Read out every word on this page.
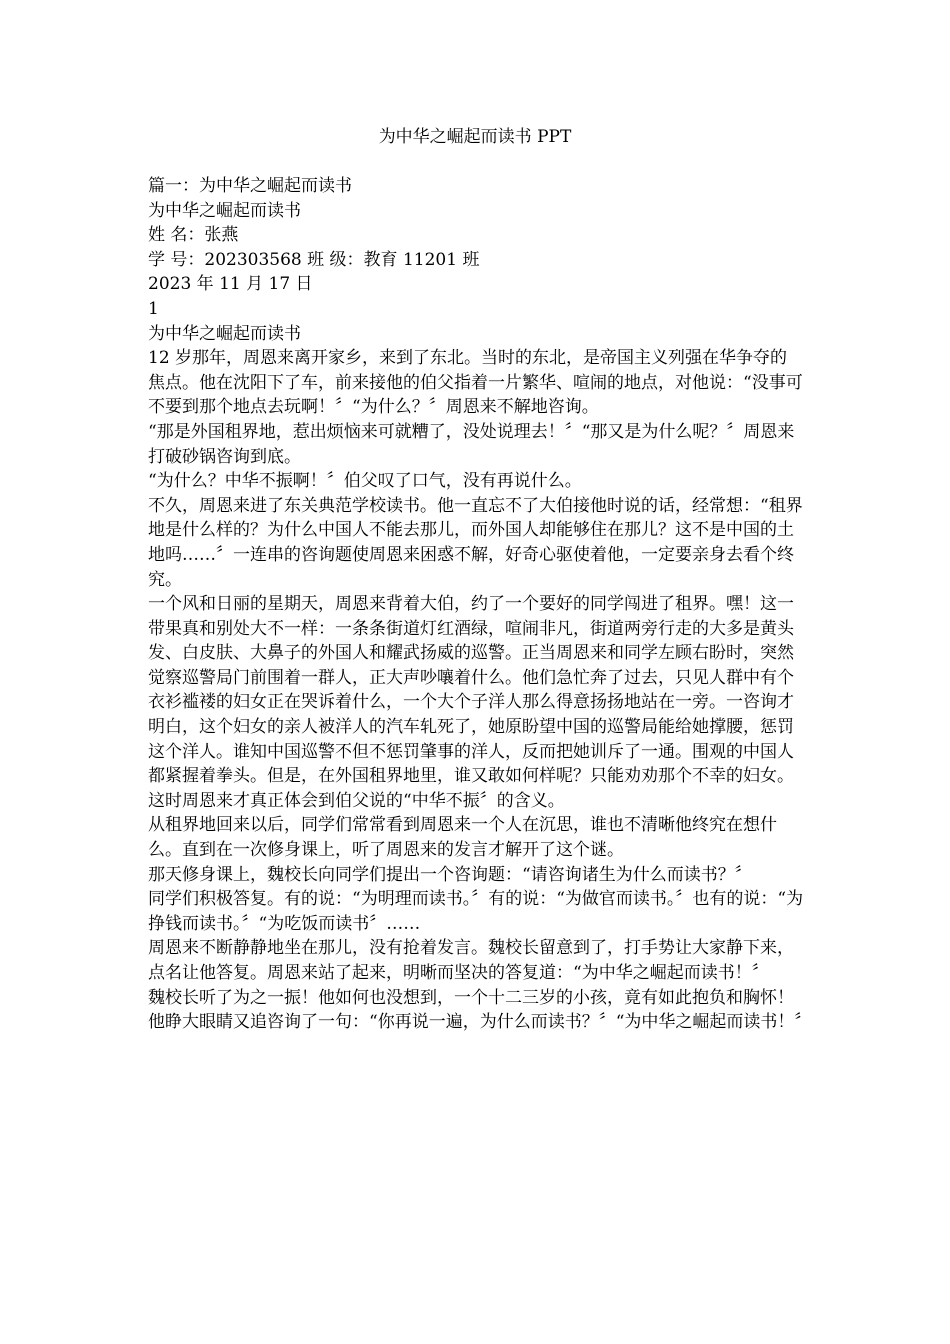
为中华之崛起而读书 PPT

篇一：为中华之崛起而读书

为中华之崛起而读书

姓 名：张燕

学 号：202303568 班 级：教育 11201 班

2023 年 11 月 17 日

1

为中华之崛起而读书

12 岁那年，周恩来离开家乡，来到了东北。当时的东北，是帝国主义列强在华争夺的焦点。他在沈阳下了车，前来接他的伯父指着一片繁华、喧闹的地点，对他说：“没事可不要到那个地点去玩啊！〞“为什么？〞周恩来不解地咨询。

“那是外国租界地，惹出烦恼来可就糟了，没处说理去！〞“那又是为什么呢？〞周恩来打破砂锅咨询到底。

“为什么？中华不振啊！〞伯父叹了口气，没有再说什么。

不久，周恩来进了东关典范学校读书。他一直忘不了大伯接他时说的话，经常想：“租界地是什么样的？为什么中国人不能去那儿，而外国人却能够住在那儿？这不是中国的土地吗……〞一连串的咨询题使周恩来困惑不解，好奇心驱使着他，一定要亲身去看个终究。

一个风和日丽的星期天，周恩来背着大伯，约了一个要好的同学闯进了租界。嘿！这一带果真和别处大不一样：一条条街道灯红酒绿，喧闹非凡，街道两旁行走的大多是黄头发、白皮肤、大鼻子的外国人和耀武扬威的巡警。正当周恩来和同学左顾右盼时，突然觉察巡警局门前围着一群人，正大声吵嚷着什么。他们急忙奔了过去，只见人群中有个衣衫褴褛的妇女正在哭诉着什么，一个大个子洋人那么得意扬扬地站在一旁。一咨询才明白，这个妇女的亲人被洋人的汽车轧死了，她原盼望中国的巡警局能给她撑腰，惩罚这个洋人。谁知中国巡警不但不惩罚肇事的洋人，反而把她训斥了一通。围观的中国人都紧握着拳头。但是，在外国租界地里，谁又敢如何样呢？只能劝劝那个不幸的妇女。这时周恩来才真正体会到伯父说的“中华不振〞的含义。

从租界地回来以后，同学们常常看到周恩来一个人在沉思，谁也不清晰他终究在想什么。直到在一次修身课上，听了周恩来的发言才解开了这个谜。

那天修身课上，魏校长向同学们提出一个咨询题：“请咨询诸生为什么而读书？〞

同学们积极答复。有的说：“为明理而读书。〞有的说：“为做官而读书。〞也有的说：“为挣钱而读书。〞“为吃饭而读书〞……

周恩来不断静静地坐在那儿，没有抢着发言。魏校长留意到了，打手势让大家静下来，点名让他答复。周恩来站了起来，明晰而坚决的答复道：“为中华之崛起而读书！〞

魏校长听了为之一振！他如何也没想到，一个十二三岁的小孩，竟有如此抱负和胸怀！他睁大眼睛又追咨询了一句：“你再说一遍，为什么而读书？〞“为中华之崛起而读书！〞
